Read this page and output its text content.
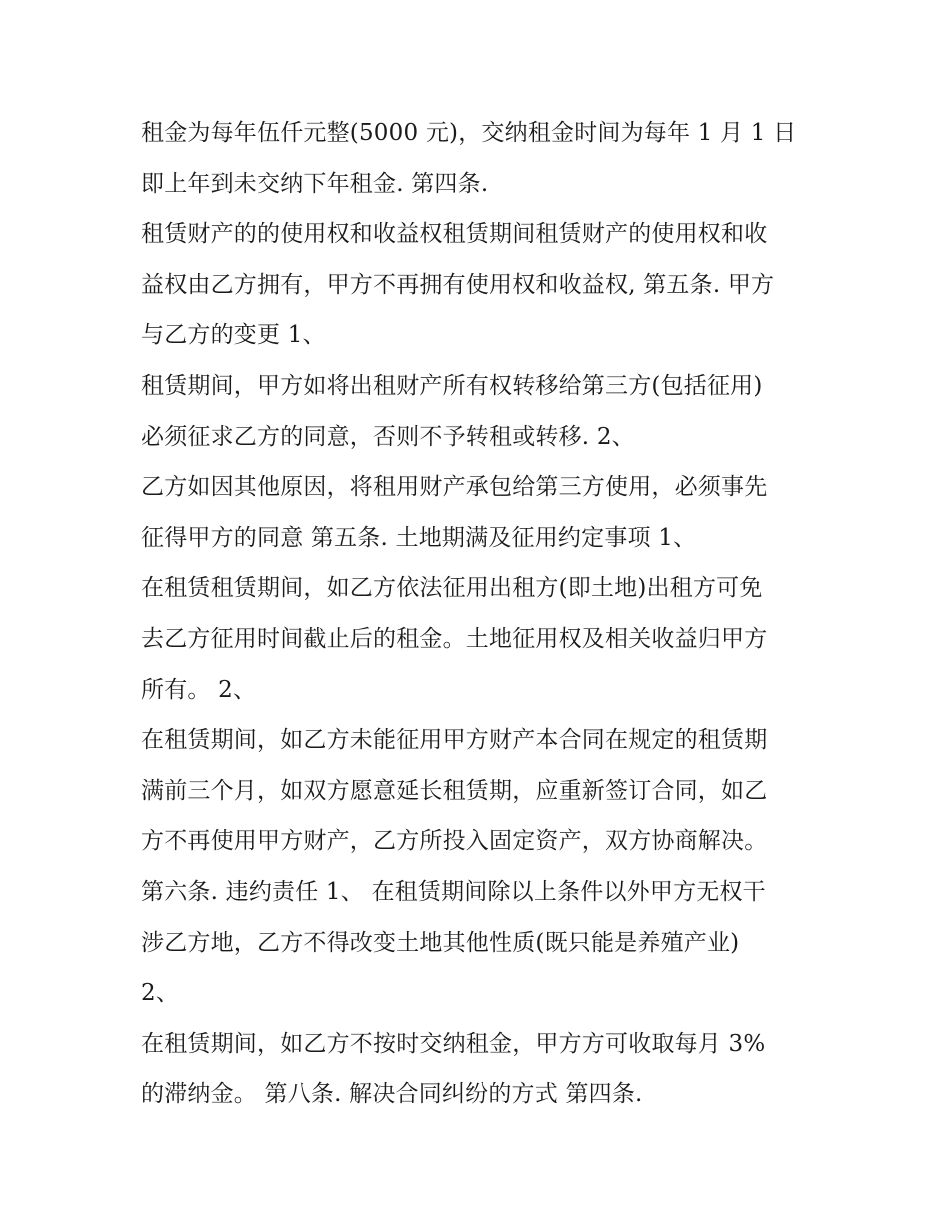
租金为每年伍仟元整(5000 元)，交纳租金时间为每年 1 月 1 日
即上年到未交纳下年租金. 第四条.
租赁财产的的使用权和收益权租赁期间租赁财产的使用权和收
益权由乙方拥有，甲方不再拥有使用权和收益权, 第五条. 甲方
与乙方的变更 1、
租赁期间，甲方如将出租财产所有权转移给第三方(包括征用)
必须征求乙方的同意，否则不予转租或转移. 2、
乙方如因其他原因，将租用财产承包给第三方使用，必须事先
征得甲方的同意 第五条. 土地期满及征用约定事项 1、
在租赁租赁期间，如乙方依法征用出租方(即土地)出租方可免
去乙方征用时间截止后的租金。土地征用权及相关收益归甲方
所有。 2、
在租赁期间，如乙方未能征用甲方财产本合同在规定的租赁期
满前三个月，如双方愿意延长租赁期，应重新签订合同，如乙
方不再使用甲方财产，乙方所投入固定资产，双方协商解决。
第六条. 违约责任 1、 在租赁期间除以上条件以外甲方无权干
涉乙方地，乙方不得改变土地其他性质(既只能是养殖产业)
2、
在租赁期间，如乙方不按时交纳租金，甲方方可收取每月 3%
的滞纳金。 第八条. 解决合同纠纷的方式 第四条.
